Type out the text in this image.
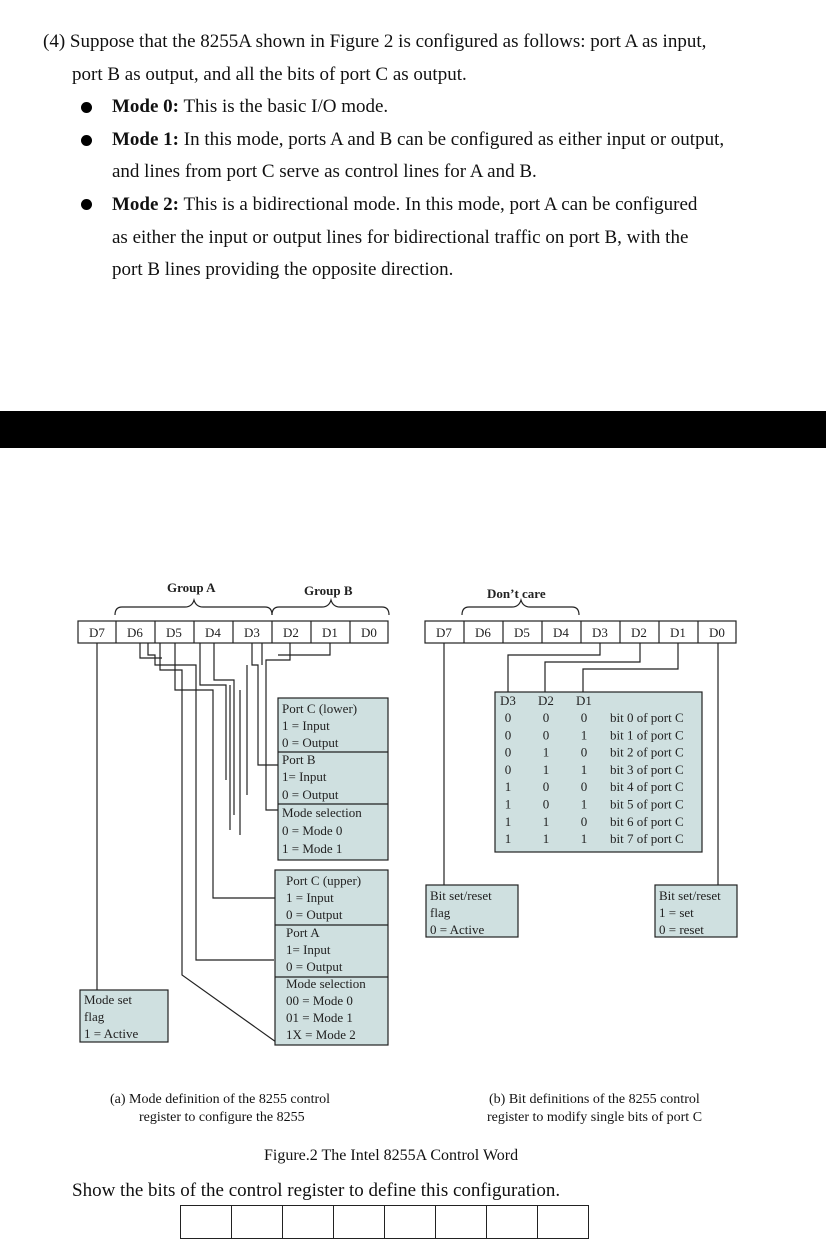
(4) Suppose that the 8255A shown in Figure 2 is configured as follows: port A as input,
port B as output, and all the bits of port C as output.
Mode 0: This is the basic I/O mode.
Mode 1: In this mode, ports A and B can be configured as either input or output,
and lines from port C serve as control lines for A and B.
Mode 2: This is a bidirectional mode. In this mode, port A can be configured
as either the input or output lines for bidirectional traffic on port B, with the
port B lines providing the opposite direction.
Group A	Group B	Don’t care
D7 D6 D5 D4 D3 D2 D1 D0	D7 D6 D5 D4 D3 D2 D1 D0
Port C (lower)
1 = Input
0 = Output
Port B
1= Input
0 = Output
Mode selection
0 = Mode 0
1 = Mode 1
Port C (upper)
1 = Input
0 = Output
Port A
1= Input
0 = Output
Mode selection
00 = Mode 0
01 = Mode 1
1X = Mode 2
Mode set
flag
1 = Active
D3 D2 D1
0 0 0 bit 0 of port C
0 0 1 bit 1 of port C
0 1 0 bit 2 of port C
0 1 1 bit 3 of port C
1 0 0 bit 4 of port C
1 0 1 bit 5 of port C
1 1 0 bit 6 of port C
1 1 1 bit 7 of port C
Bit set/reset
flag
0 = Active
Bit set/reset
1 = set
0 = reset
(a) Mode definition of the 8255 control
register to configure the 8255
(b) Bit definitions of the 8255 control
register to modify single bits of port C
Figure.2 The Intel 8255A Control Word
Show the bits of the control register to define this configuration.
